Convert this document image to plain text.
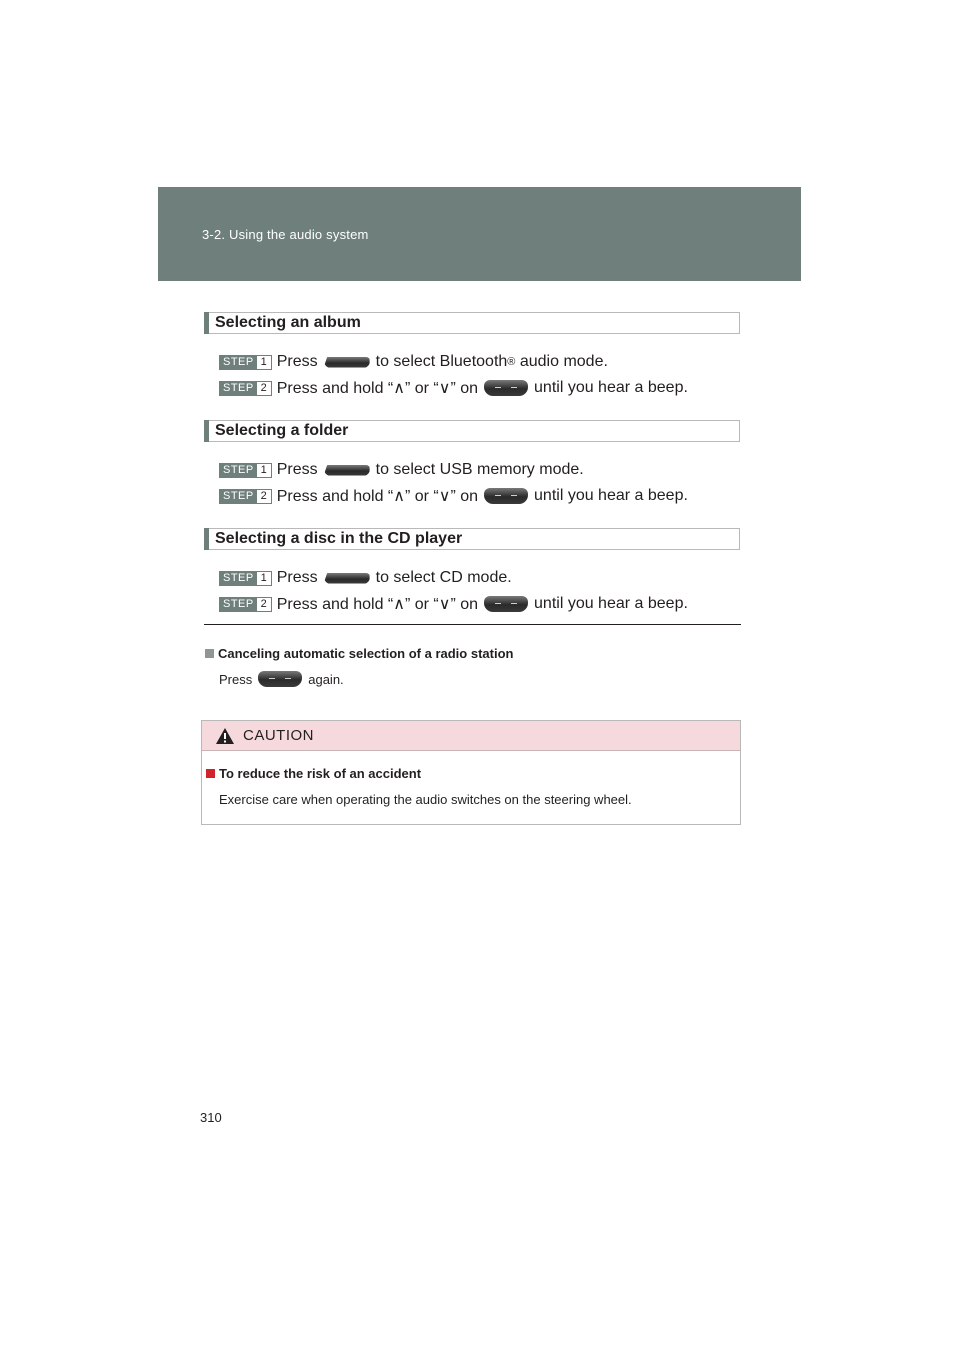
3-2. Using the audio system
Selecting an album
STEP 1 Press	to select Bluetooth ®
audio mode.
STEP 2 Press and hold “∧” or “∨” on	until you hear a beep.
Selecting a folder
STEP 1 Press	to select USB memory mode.
STEP 2 Press and hold “∧” or “∨” on	until you hear a beep.
Selecting a disc in the CD player
STEP 1 Press	to select CD mode.
STEP 2 Press and hold “∧” or “∨” on	until you hear a beep.
Canceling automatic selection of a radio station
Press	again.
CAUTION
To reduce the risk of an accident
Exercise care when operating the audio switches on the steering wheel.
310
